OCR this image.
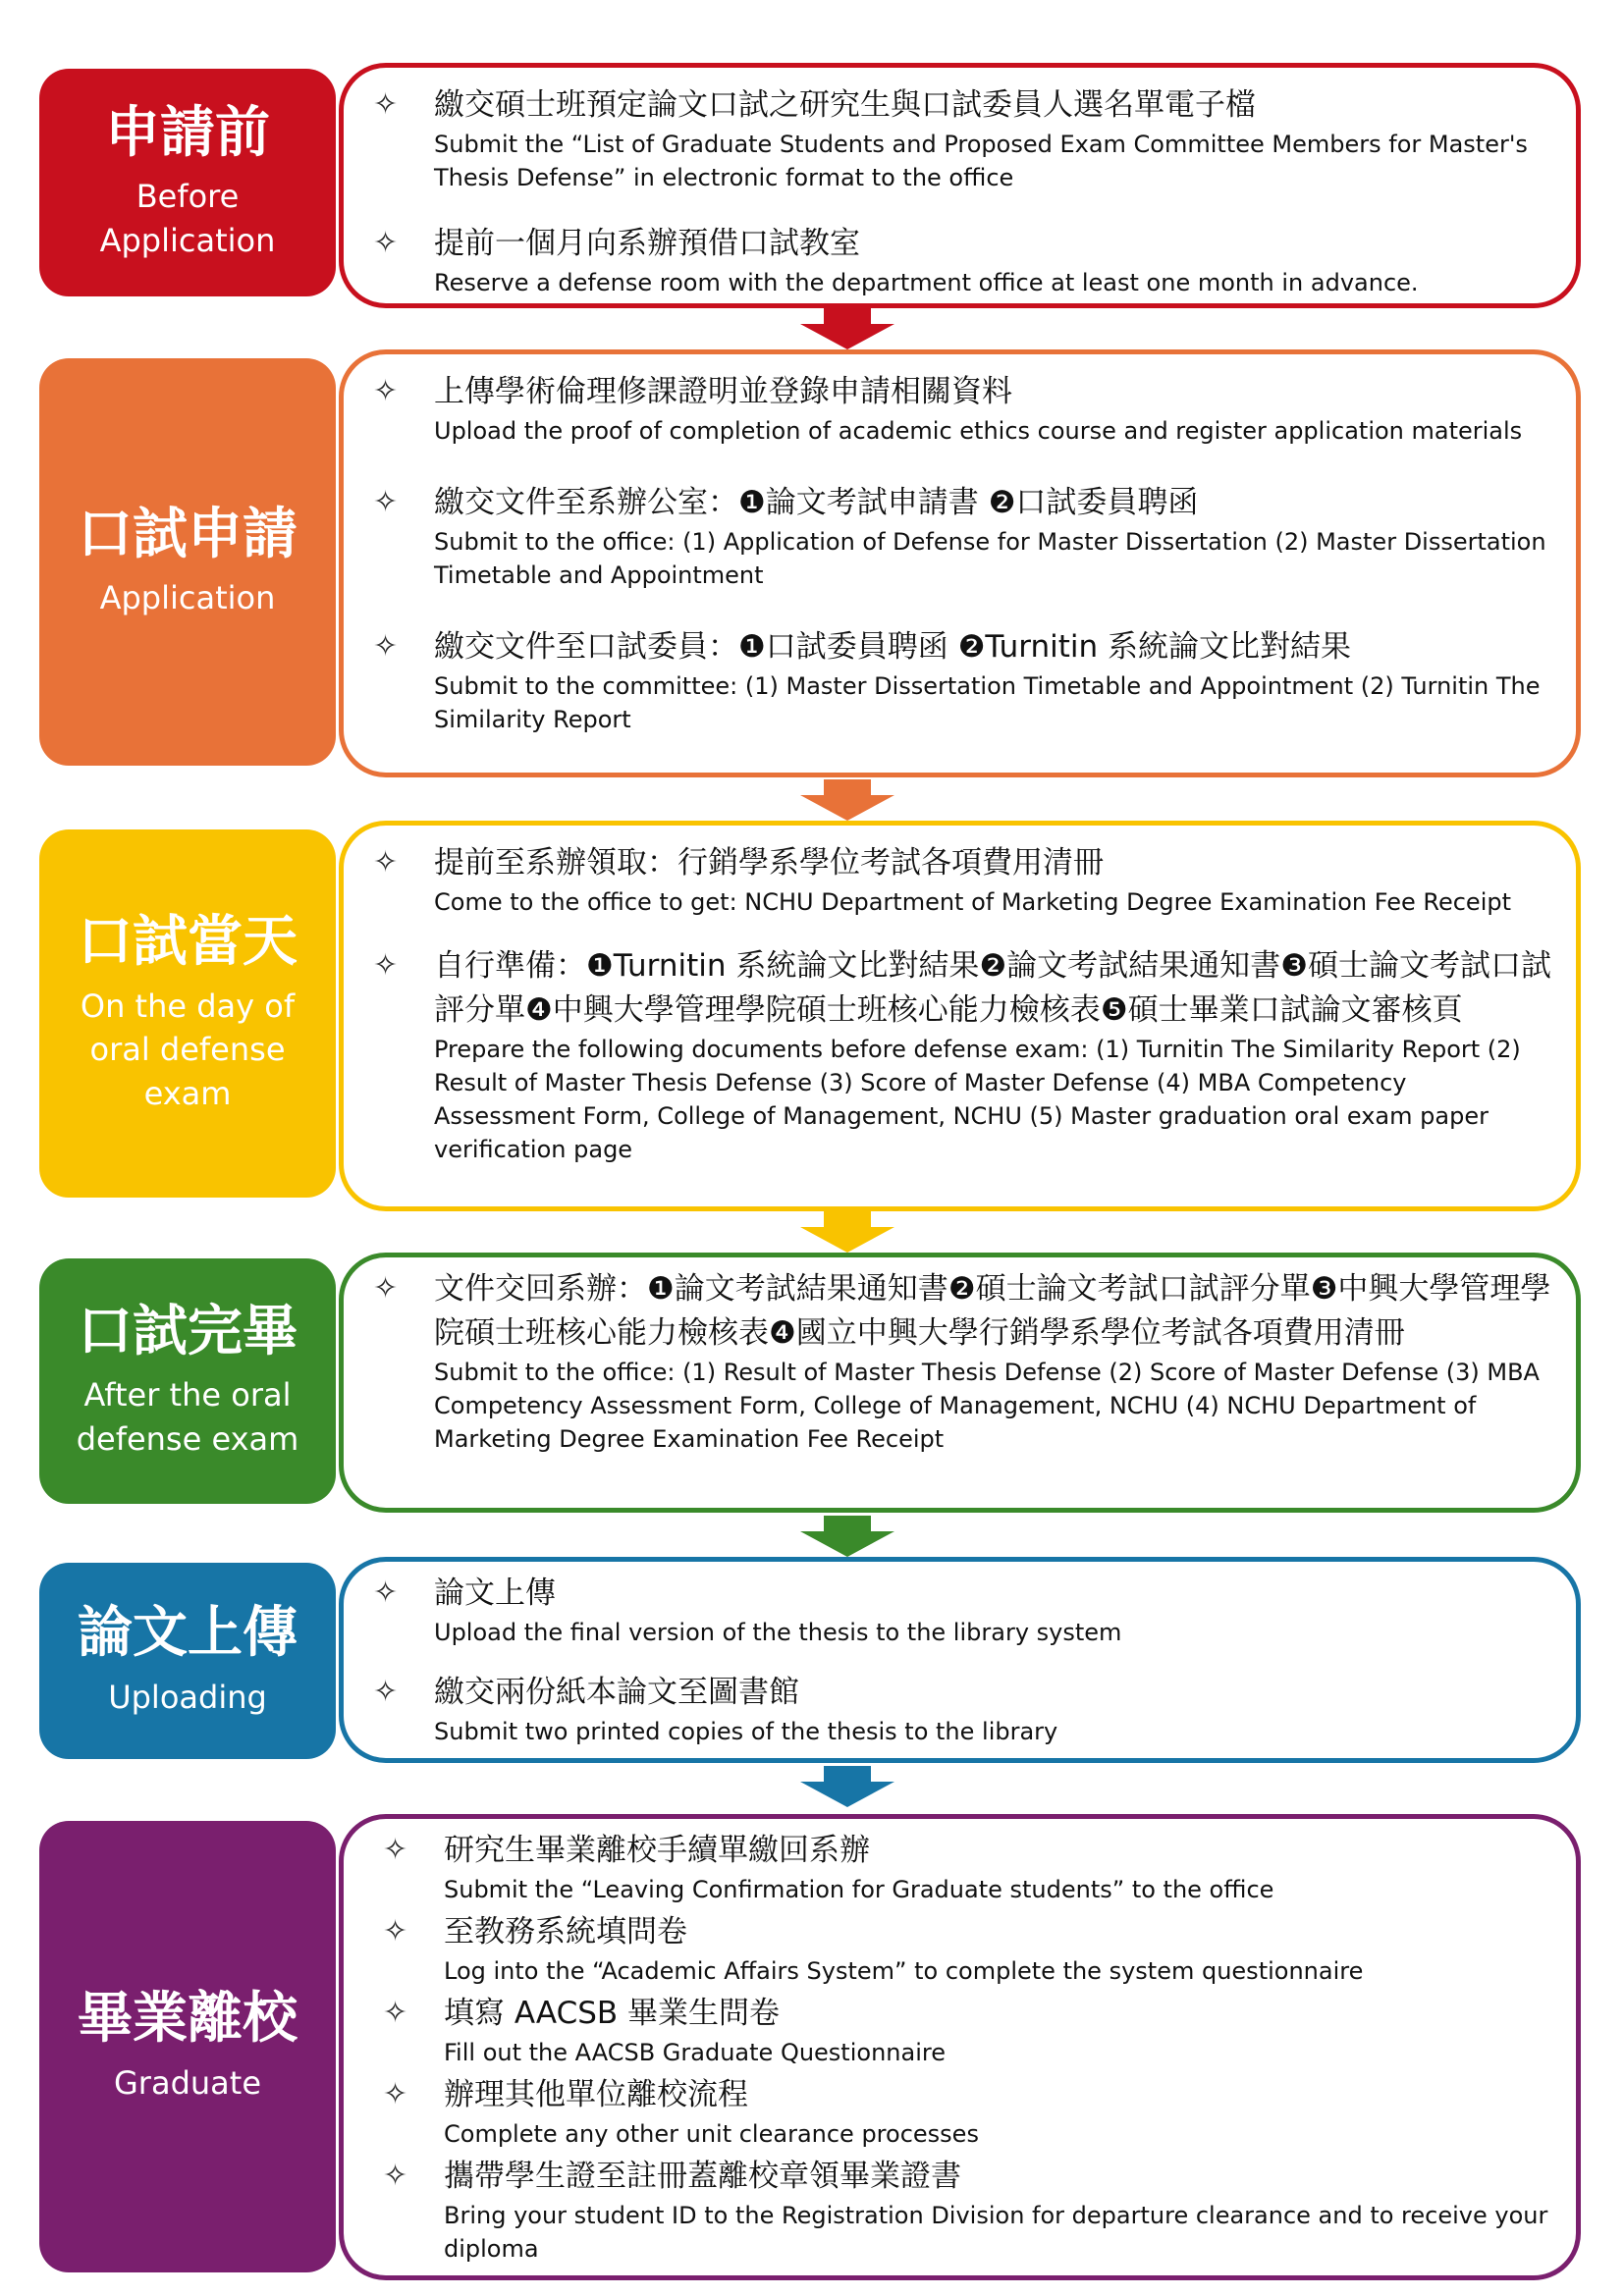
申請前
Before Application
✧ 繳交碩士班預定論文口試之研究生與口試委員人選名單電子檔
Submit the “List of Graduate Students and Proposed Exam Committee Members for Master's Thesis Defense” in electronic format to the office
✧ 提前一個月向系辦預借口試教室
Reserve a defense room with the department office at least one month in advance.
口試申請
Application
✧ 上傳學術倫理修課證明並登錄申請相關資料
Upload the proof of completion of academic ethics course and register application materials
✧ 繳交文件至系辦公室：❶論文考試申請書 ❷口試委員聘函
Submit to the office: (1) Application of Defense for Master Dissertation (2) Master Dissertation Timetable and Appointment
✧ 繳交文件至口試委員：❶口試委員聘函 ❷Turnitin 系統論文比對結果
Submit to the committee: (1) Master Dissertation Timetable and Appointment (2) Turnitin The Similarity Report
口試當天
On the day of oral defense exam
✧ 提前至系辦領取：行銷學系學位考試各項費用清冊
Come to the office to get: NCHU Department of Marketing Degree Examination Fee Receipt
✧ 自行準備：❶Turnitin 系統論文比對結果❷論文考試結果通知書❸碩士論文考試口試評分單❹中興大學管理學院碩士班核心能力檢核表❺碩士畢業口試論文審核頁
Prepare the following documents before defense exam: (1) Turnitin The Similarity Report (2) Result of Master Thesis Defense (3) Score of Master Defense (4) MBA Competency Assessment Form, College of Management, NCHU (5) Master graduation oral exam paper verification page
口試完畢
After the oral defense exam
✧ 文件交回系辦：❶論文考試結果通知書❷碩士論文考試口試評分單❸中興大學管理學院碩士班核心能力檢核表❹國立中興大學行銷學系學位考試各項費用清冊
Submit to the office: (1) Result of Master Thesis Defense (2) Score of Master Defense (3) MBA Competency Assessment Form, College of Management, NCHU (4) NCHU Department of Marketing Degree Examination Fee Receipt
論文上傳
Uploading
✧ 論文上傳
Upload the final version of the thesis to the library system
✧ 繳交兩份紙本論文至圖書館
Submit two printed copies of the thesis to the library
畢業離校
Graduate
✧ 研究生畢業離校手續單繳回系辦
Submit the “Leaving Confirmation for Graduate students” to the office
✧ 至教務系統填問卷
Log into the “Academic Affairs System” to complete the system questionnaire
✧ 填寫 AACSB 畢業生問卷
Fill out the AACSB Graduate Questionnaire
✧ 辦理其他單位離校流程
Complete any other unit clearance processes
✧ 攜帶學生證至註冊蓋離校章領畢業證書
Bring your student ID to the Registration Division for departure clearance and to receive your diploma
